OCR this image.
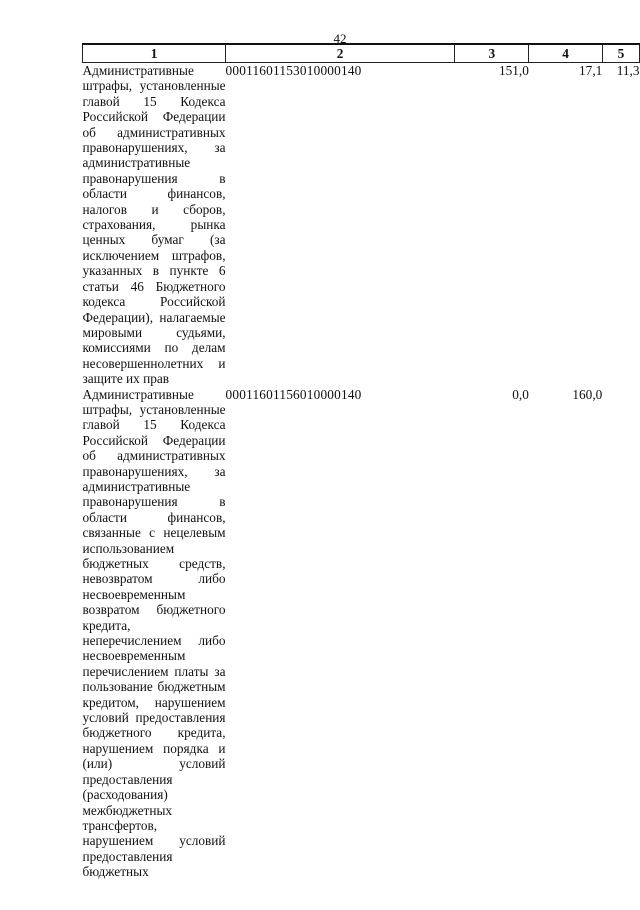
42
1	2	3	4	5
Административные штрафы, установленные главой 15 Кодекса Российской Федерации об административных правонарушениях, за административные правонарушения в области финансов, налогов и сборов, страхования, рынка ценных бумаг (за исключением штрафов, указанных в пункте 6 статьи 46 Бюджетного кодекса Российской Федерации), налагаемые мировыми судьями, комиссиями по делам несовершеннолетних и защите их прав	00011601153010000140	151,0	17,1	11,3
Административные штрафы, установленные главой 15 Кодекса Российской Федерации об административных правонарушениях, за административные правонарушения в области финансов, связанные с нецелевым использованием бюджетных средств, невозвратом либо несвоевременным возвратом бюджетного кредита, неперечислением либо несвоевременным перечислением платы за пользование бюджетным кредитом, нарушением условий предоставления бюджетного кредита, нарушением порядка и (или) условий предоставления (расходования) межбюджетных трансфертов, нарушением условий предоставления бюджетных	00011601156010000140	0,0	160,0	
